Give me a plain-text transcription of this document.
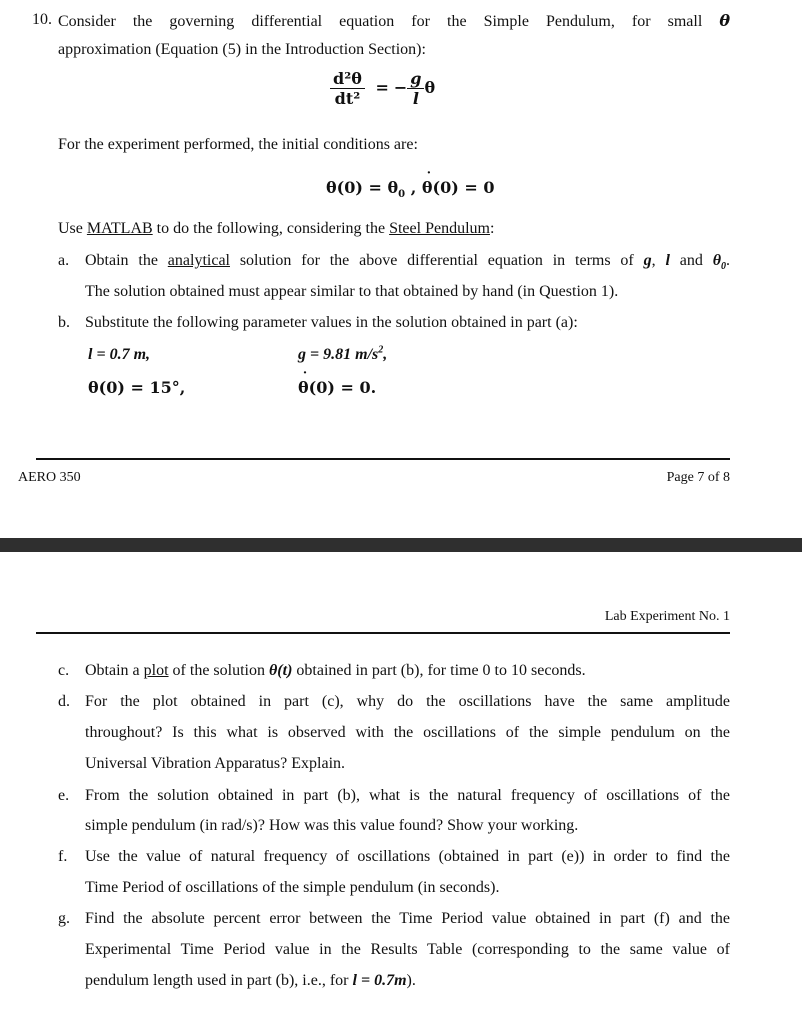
10. Consider the governing differential equation for the Simple Pendulum, for small θ
approximation (Equation (5) in the Introduction Section):
$\frac{\text{d²θ}}{\text{dt²}}$ = − $\frac{g}{l}$ θ
For the experiment performed, the initial conditions are:
$\theta(0) = \theta_0$ , ˙ θ(0) = 0
Use MATLAB to do the following, considering the Steel Pendulum:
a. Obtain the analytical solution for the above differential equation in terms of g, l and $\theta_0$.
The solution obtained must appear similar to that obtained by hand (in Question 1).
b. Substitute the following parameter values in the solution obtained in part (a):
l = 0.7 m,	g = 9.81 $m/s^2$,
θ(0) = 15°,
˙	θ(0) = 0.
AERO 350	Page 7 of 8
Lab Experiment No. 1
c. Obtain a plot of the solution θ(t) obtained in part (b), for time 0 to 10 seconds.
d. For the plot obtained in part (c), why do the oscillations have the same amplitude
throughout? Is this what is observed with the oscillations of the simple pendulum on the
Universal Vibration Apparatus? Explain.
e. From the solution obtained in part (b), what is the natural frequency of oscillations of the
simple pendulum (in rad/s)? How was this value found? Show your working.
f. Use the value of natural frequency of oscillations (obtained in part (e)) in order to find the
Time Period of oscillations of the simple pendulum (in seconds).
g. Find the absolute percent error between the Time Period value obtained in part (f) and the
Experimental Time Period value in the Results Table (corresponding to the same value of
pendulum length used in part (b), i.e., for l = 0.7m).
